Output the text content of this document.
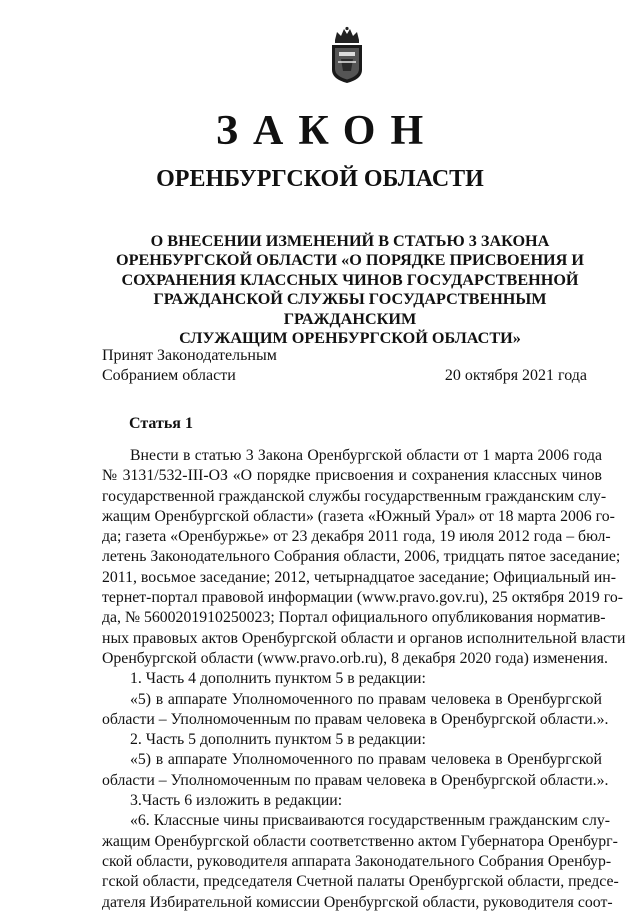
ЗАКОН
ОРЕНБУРГСКОЙ ОБЛАСТИ
О ВНЕСЕНИИ ИЗМЕНЕНИЙ В СТАТЬЮ 3 ЗАКОНА
ОРЕНБУРГСКОЙ ОБЛАСТИ «О ПОРЯДКЕ ПРИСВОЕНИЯ И
СОХРАНЕНИЯ КЛАССНЫХ ЧИНОВ ГОСУДАРСТВЕННОЙ
ГРАЖДАНСКОЙ СЛУЖБЫ ГОСУДАРСТВЕННЫМ ГРАЖДАНСКИМ
СЛУЖАЩИМ ОРЕНБУРГСКОЙ ОБЛАСТИ»
Принят Законодательным
Собранием области	20 октября 2021 года
Статья 1
Внести в статью 3 Закона Оренбургской области от 1 марта 2006 года
№ 3131/532-III-ОЗ «О порядке присвоения и сохранения классных чинов
государственной гражданской службы государственным гражданским слу-
жащим Оренбургской области» (газета «Южный Урал» от 18 марта 2006 го-
да; газета «Оренбуржье» от 23 декабря 2011 года, 19 июля 2012 года – бюл-
летень Законодательного Собрания области, 2006, тридцать пятое заседание;
2011, восьмое заседание; 2012, четырнадцатое заседание; Официальный ин-
тернет-портал правовой информации (www.pravo.gov.ru), 25 октября 2019 го-
да, № 5600201910250023; Портал официального опубликования норматив-
ных правовых актов Оренбургской области и органов исполнительной власти
Оренбургской области (www.pravo.orb.ru), 8 декабря 2020 года) изменения.
1. Часть 4 дополнить пунктом 5 в редакции:
«5) в аппарате Уполномоченного по правам человека в Оренбургской
области – Уполномоченным по правам человека в Оренбургской области.».
2. Часть 5 дополнить пунктом 5 в редакции:
«5) в аппарате Уполномоченного по правам человека в Оренбургской
области – Уполномоченным по правам человека в Оренбургской области.».
3.Часть 6 изложить в редакции:
«6. Классные чины присваиваются государственным гражданским слу-
жащим Оренбургской области соответственно актом Губернатора Оренбург-
ской области, руководителя аппарата Законодательного Собрания Оренбур-
гской области, председателя Счетной палаты Оренбургской области, предсе-
дателя Избирательной комиссии Оренбургской области, руководителя соот-
